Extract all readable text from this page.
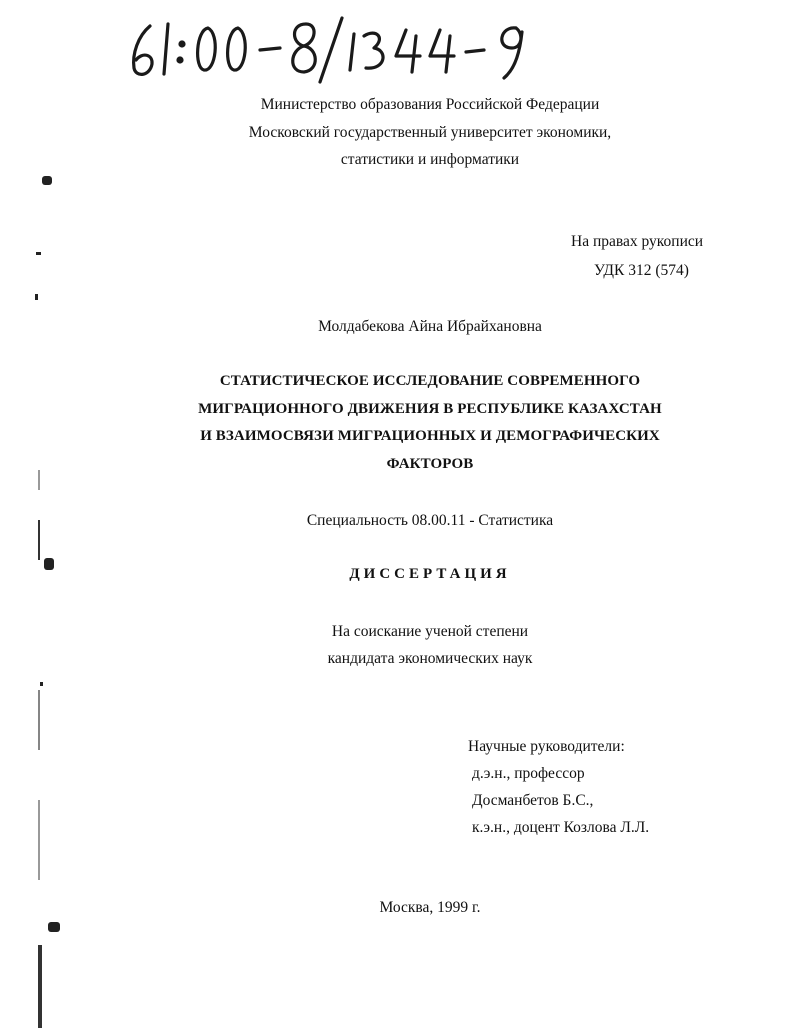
Министерство образования Российской Федерации
Московский государственный университет экономики,
статистики и информатики
На правах рукописи
УДК 312 (574)
Молдабекова Айна Ибрайхановна
СТАТИСТИЧЕСКОЕ ИССЛЕДОВАНИЕ СОВРЕМЕННОГО
МИГРАЦИОННОГО ДВИЖЕНИЯ В РЕСПУБЛИКЕ КАЗАХСТАН
И ВЗАИМОСВЯЗИ МИГРАЦИОННЫХ И ДЕМОГРАФИЧЕСКИХ
ФАКТОРОВ
Специальность 08.00.11 - Статистика
ДИССЕРТАЦИЯ
На соискание ученой степени
кандидата экономических наук
Научные руководители:
д.э.н., профессор
Досманбетов Б.С.,
к.э.н., доцент Козлова Л.Л.
Москва, 1999 г.
